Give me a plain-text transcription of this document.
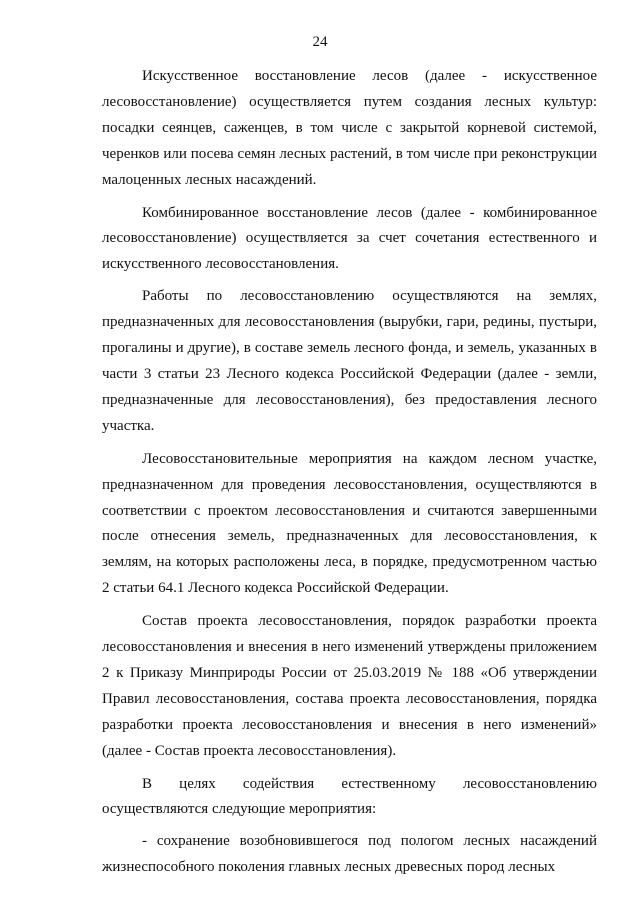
24

Искусственное восстановление лесов (далее - искусственное лесовосстановление) осуществляется путем создания лесных культур: посадки сеянцев, саженцев, в том числе с закрытой корневой системой, черенков или посева семян лесных растений, в том числе при реконструкции малоценных лесных насаждений.

Комбинированное восстановление лесов (далее - комбинированное лесовосстановление) осуществляется за счет сочетания естественного и искусственного лесовосстановления.

Работы по лесовосстановлению осуществляются на землях, предназначенных для лесовосстановления (вырубки, гари, редины, пустыри, прогалины и другие), в составе земель лесного фонда, и земель, указанных в части 3 статьи 23 Лесного кодекса Российской Федерации (далее - земли, предназначенные для лесовосстановления), без предоставления лесного участка.

Лесовосстановительные мероприятия на каждом лесном участке, предназначенном для проведения лесовосстановления, осуществляются в соответствии с проектом лесовосстановления и считаются завершенными после отнесения земель, предназначенных для лесовосстановления, к землям, на которых расположены леса, в порядке, предусмотренном частью 2 статьи 64.1 Лесного кодекса Российской Федерации.

Состав проекта лесовосстановления, порядок разработки проекта лесовосстановления и внесения в него изменений утверждены приложением 2 к Приказу Минприроды России от 25.03.2019 № 188 «Об утверждении Правил лесовосстановления, состава проекта лесовосстановления, порядка разработки проекта лесовосстановления и внесения в него изменений» (далее - Состав проекта лесовосстановления).

В целях содействия естественному лесовосстановлению осуществляются следующие мероприятия:

- сохранение возобновившегося под пологом лесных насаждений жизнеспособного поколения главных лесных древесных пород лесных
